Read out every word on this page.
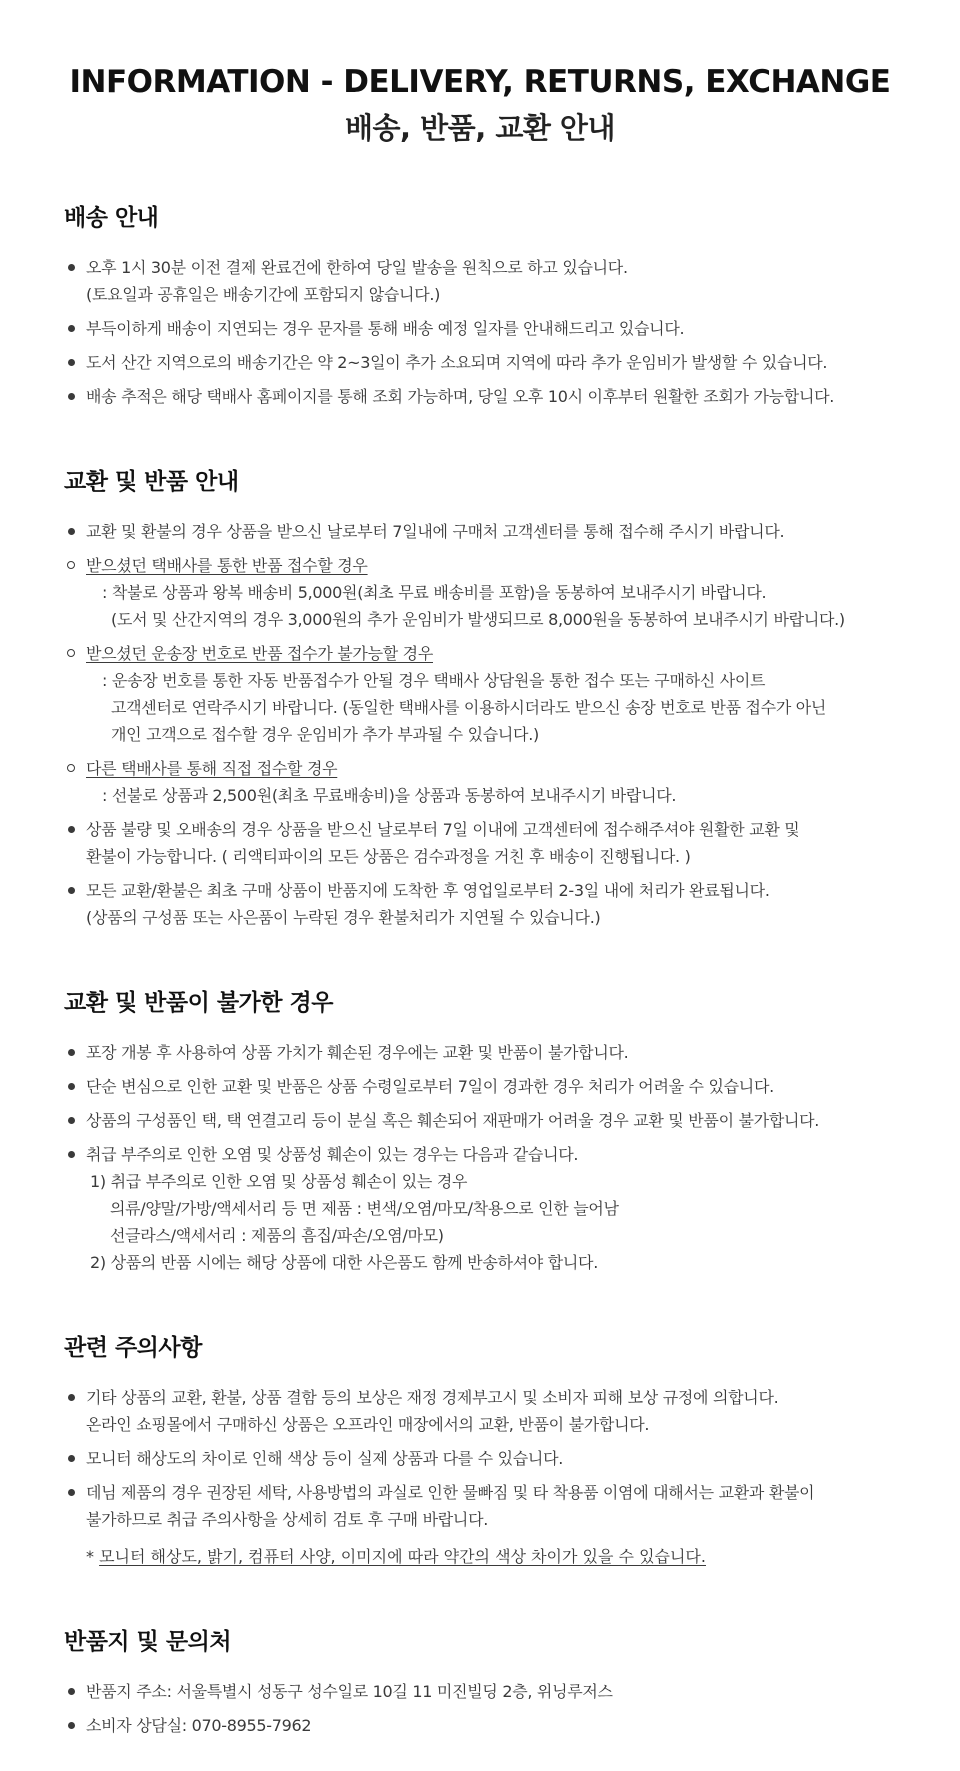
INFORMATION - DELIVERY, RETURNS, EXCHANGE
배송, 반품, 교환 안내
배송 안내
오후 1시 30분 이전 결제 완료건에 한하여 당일 발송을 원칙으로 하고 있습니다.
(토요일과 공휴일은 배송기간에 포함되지 않습니다.)
부득이하게 배송이 지연되는 경우 문자를 통해 배송 예정 일자를 안내해드리고 있습니다.
도서 산간 지역으로의 배송기간은 약 2~3일이 추가 소요되며 지역에 따라 추가 운임비가 발생할 수 있습니다.
배송 추적은 해당 택배사 홈페이지를 통해 조회 가능하며, 당일 오후 10시 이후부터 원활한 조회가 가능합니다.
교환 및 반품 안내
교환 및 환불의 경우 상품을 받으신 날로부터 7일내에 구매처 고객센터를 통해 접수해 주시기 바랍니다.
받으셨던 택배사를 통한 반품 접수할 경우
: 착불로 상품과 왕복 배송비 5,000원(최초 무료 배송비를 포함)을 동봉하여 보내주시기 바랍니다.
(도서 및 산간지역의 경우 3,000원의 추가 운임비가 발생되므로 8,000원을 동봉하여 보내주시기 바랍니다.)
받으셨던 운송장 번호로 반품 접수가 불가능할 경우
: 운송장 번호를 통한 자동 반품접수가 안될 경우 택배사 상담원을 통한 접수 또는 구매하신 사이트
고객센터로 연락주시기 바랍니다. (동일한 택배사를 이용하시더라도 받으신 송장 번호로 반품 접수가 아닌
개인 고객으로 접수할 경우 운임비가 추가 부과될 수 있습니다.)
다른 택배사를 통해 직접 접수할 경우
: 선불로 상품과 2,500원(최초 무료배송비)을 상품과 동봉하여 보내주시기 바랍니다.
상품 불량 및 오배송의 경우 상품을 받으신 날로부터 7일 이내에 고객센터에 접수해주셔야 원활한 교환 및
환불이 가능합니다. ( 리액티파이의 모든 상품은 검수과정을 거친 후 배송이 진행됩니다. )
모든 교환/환불은 최초 구매 상품이 반품지에 도착한 후 영업일로부터 2-3일 내에 처리가 완료됩니다.
(상품의 구성품 또는 사은품이 누락된 경우 환불처리가 지연될 수 있습니다.)
교환 및 반품이 불가한 경우
포장 개봉 후 사용하여 상품 가치가 훼손된 경우에는 교환 및 반품이 불가합니다.
단순 변심으로 인한 교환 및 반품은 상품 수령일로부터 7일이 경과한 경우 처리가 어려울 수 있습니다.
상품의 구성품인 택, 택 연결고리 등이 분실 혹은 훼손되어 재판매가 어려울 경우 교환 및 반품이 불가합니다.
취급 부주의로 인한 오염 및 상품성 훼손이 있는 경우는 다음과 같습니다.
1) 취급 부주의로 인한 오염 및 상품성 훼손이 있는 경우
의류/양말/가방/액세서리 등 면 제품 : 변색/오염/마모/착용으로 인한 늘어남
선글라스/액세서리 : 제품의 흠집/파손/오염/마모)
2) 상품의 반품 시에는 해당 상품에 대한 사은품도 함께 반송하셔야 합니다.
관련 주의사항
기타 상품의 교환, 환불, 상품 결함 등의 보상은 재정 경제부고시 및 소비자 피해 보상 규정에 의합니다.
온라인 쇼핑몰에서 구매하신 상품은 오프라인 매장에서의 교환, 반품이 불가합니다.
모니터 해상도의 차이로 인해 색상 등이 실제 상품과 다를 수 있습니다.
데님 제품의 경우 권장된 세탁, 사용방법의 과실로 인한 물빠짐 및 타 착용품 이염에 대해서는 교환과 환불이
불가하므로 취급 주의사항을 상세히 검토 후 구매 바랍니다.
* 모니터 해상도, 밝기, 컴퓨터 사양, 이미지에 따라 약간의 색상 차이가 있을 수 있습니다.
반품지 및 문의처
반품지 주소: 서울특별시 성동구 성수일로 10길 11 미진빌딩 2층, 위닝루저스
소비자 상담실: 070-8955-7962
